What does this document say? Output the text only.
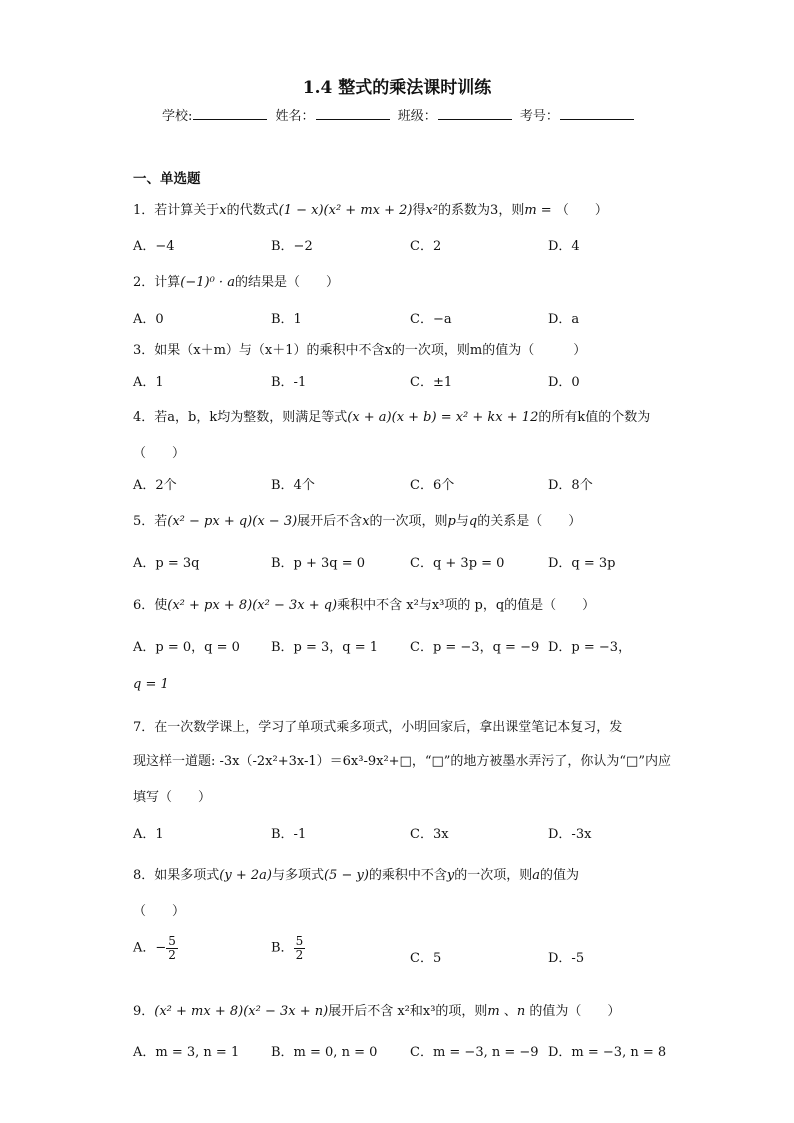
1.4 整式的乘法课时训练
学校:	姓名：	班级：	考号：
一、单选题
1．若计算关于x的代数式(1 − x)(x² + mx + 2)得x²的系数为3，则m = （　　）
A．−4	B．−2	C．2	D．4
2．计算(−1)⁰ · a的结果是（　　）
A．0	B．1	C．−a	D．a
3．如果（x＋m）与（x＋1）的乘积中不含x的一次项，则m的值为（　　　）
A．1	B．-1	C．±1	D．0
4．若a，b，k均为整数，则满足等式(x + a)(x + b) = x² + kx + 12的所有k值的个数为
（　　）
A．2个	B．4个	C．6个	D．8个
5．若(x² − px + q)(x − 3)展开后不含x的一次项，则p与q的关系是（　　）
A．p = 3q	B．p + 3q = 0	C．q + 3p = 0	D．q = 3p
6．使(x² + px + 8)(x² − 3x + q)乘积中不含 x²与x³项的 p，q的值是（　　）
A．p = 0，q = 0 B．p = 3，q = 1 C．p = −3，q = −9 D．p = −3，
q = 1
7．在一次数学课上，学习了单项式乘多项式，小明回家后，拿出课堂笔记本复习，发
现这样一道题: -3x（-2x²+3x-1）＝6x³-9x²+□，“□”的地方被墨水弄污了，你认为“□”内应
填写（　　）
A．1	B．-1	C．3x	D．-3x
8．如果多项式(y + 2a)与多项式(5 − y)的乘积中不含y的一次项，则a的值为
（　　）
A．− $\frac{5}{2}$	B． $\frac{5}{2}$	C．5	D．-5
9．(x² + mx + 8)(x² − 3x + n)展开后不含 x²和x³的项，则m 、n 的值为（　　）
A．m = 3, n = 1 B．m = 0, n = 0	C．m = −3, n = −9 D．m = −3, n = 8
